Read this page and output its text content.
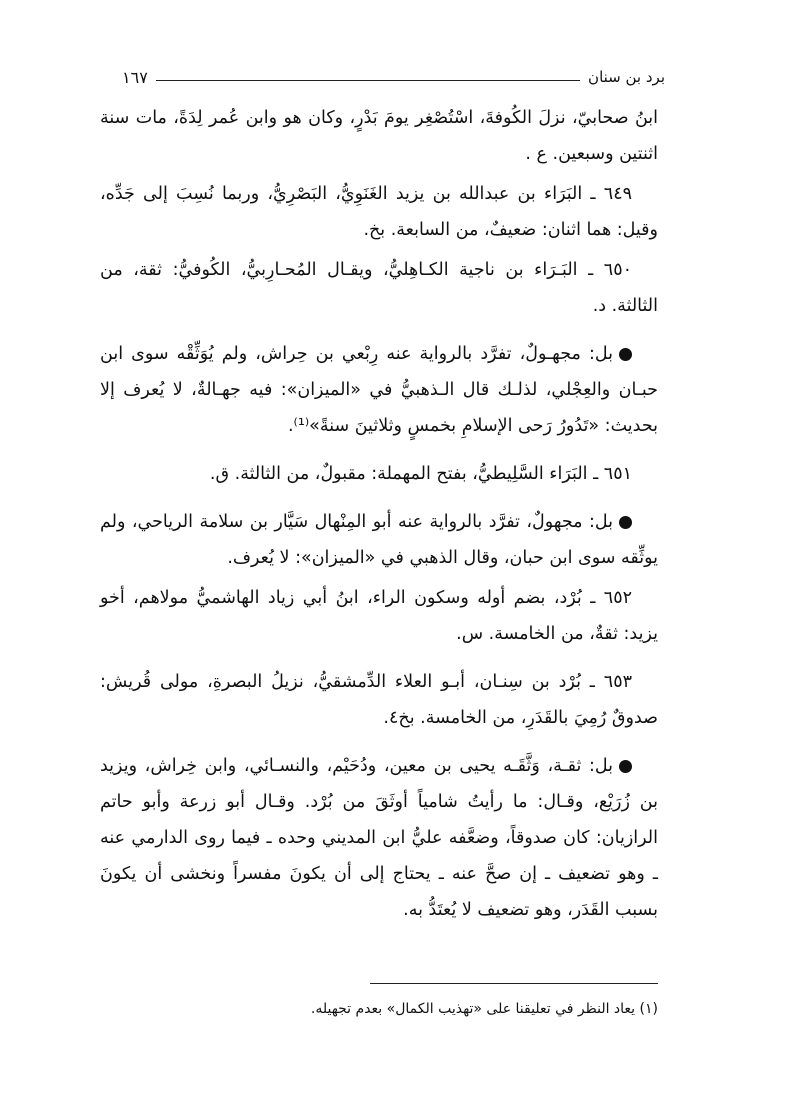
برد بن سنان
١٦٧

ابنُ صحابيّ، نزلَ الكُوفةَ، اسْتُصْغِر يومَ بَدْرٍ، وكان هو وابن عُمر لِدَةً، مات سنة اثنتين وسبعين. ع .

٦٤٩ ـ البَرَاء بن عبدالله بن يزيد الغَنَوِيُّ، البَصْرِيُّ، وربما نُسِبَ إلى جَدِّه، وقيل: هما اثنان: ضعيفٌ، من السابعة. بخ.

٦٥٠ ـ البَـرَاء بن ناجية الكـاهِليُّ، ويقـال المُحـارِبيُّ، الكُوفيُّ: ثقة، من الثالثة. د.

بل: مجهـولٌ، تفرَّد بالرواية عنه رِبْعي بن حِراش، ولم يُوَثِّقْه سوى ابن حبـان والعِجْلي، لذلـك قال الـذهبيُّ في «الميزان»: فيه جهـالةٌ، لا يُعرف إلا بحديث: «تَدُورُ رَحى الإسلامِ بخمسٍ وثلاثينَ سنةً»⁽¹⁾.

٦٥١ ـ البَرَاء السَّلِيطيُّ، بفتح المهملة: مقبولٌ، من الثالثة. ق.

بل: مجهولٌ، تفرَّد بالرواية عنه أبو المِنْهال سَيَّار بن سلامة الرياحي، ولم يوثِّقه سوى ابن حبان، وقال الذهبي في «الميزان»: لا يُعرف.

٦٥٢ ـ بُرْد، بضم أوله وسكون الراء، ابنُ أبي زياد الهاشميُّ مولاهم، أخو يزيد: ثقةٌ، من الخامسة. س.

٦٥٣ ـ بُرْد بن سِنـان، أبـو العلاء الدِّمشقيُّ، نزيلُ البصرةِ، مولى قُريش: صدوقٌ رُمِيَ بالقَدَرِ، من الخامسة. بخ٤.

بل: ثقـة، وَثَّقَـه يحيى بن معين، ودُحَيْم، والنسـائي، وابن خِراش، ويزيد بن زُرَيْع، وقـال: ما رأيتُ شامياً أوثَقَ من بُرْد. وقـال أبو زرعة وأبو حاتم الرازيان: كان صدوقاً، وضعَّفه عليُّ ابن المديني وحده ـ فيما روى الدارمي عنه ـ وهو تضعيف ـ إن صحَّ عنه ـ يحتاج إلى أن يكونَ مفسراً ونخشى أن يكونَ بسبب القَدَر، وهو تضعيف لا يُعتَدُّ به.

(١) يعاد النظر في تعليقنا على «تهذيب الكمال» بعدم تجهيله.
